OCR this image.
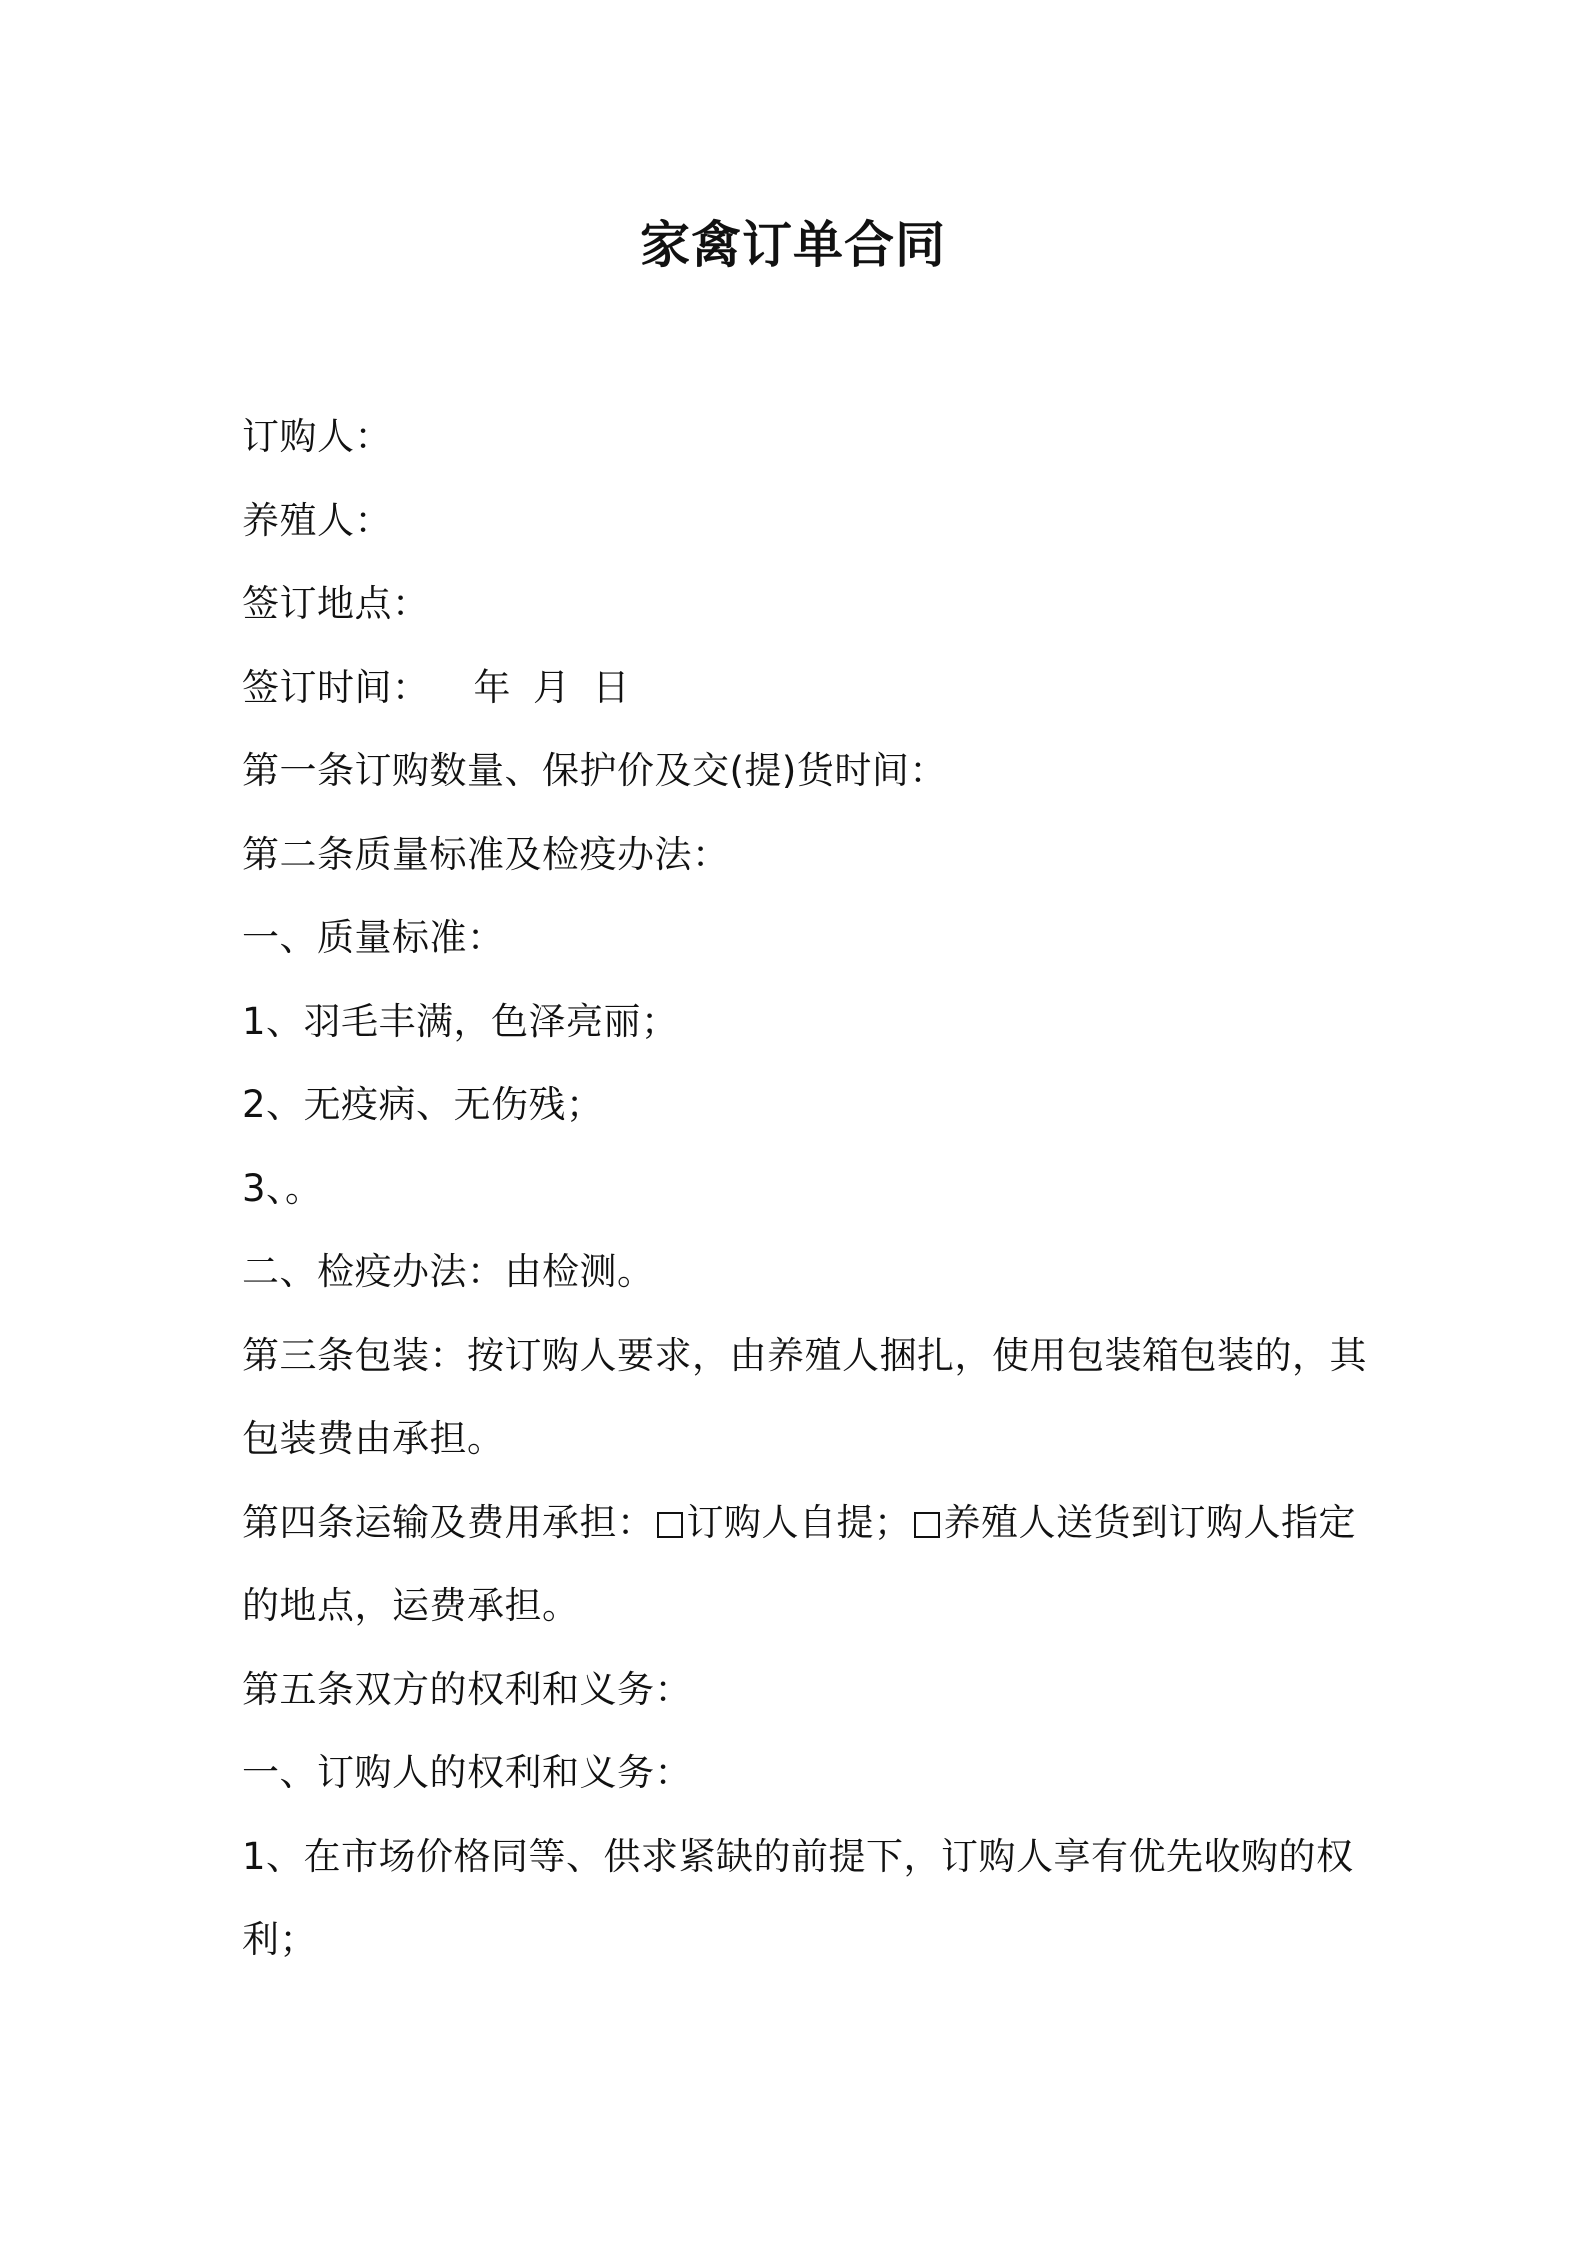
家禽订单合同
订购人：
养殖人：
签订地点：
签订时间： 年 月 日
第一条订购数量、保护价及交(提)货时间：
第二条质量标准及检疫办法：
一、质量标准：
1、羽毛丰满，色泽亮丽；
2、无疫病、无伤残；
3、。
二、检疫办法：由检测。
第三条包装：按订购人要求，由养殖人捆扎，使用包装箱包装的，其
包装费由承担。
第四条运输及费用承担： 订购人自提； 养殖人送货到订购人指定
的地点，运费承担。
第五条双方的权利和义务：
一、订购人的权利和义务：
1、在市场价格同等、供求紧缺的前提下，订购人享有优先收购的权
利；
